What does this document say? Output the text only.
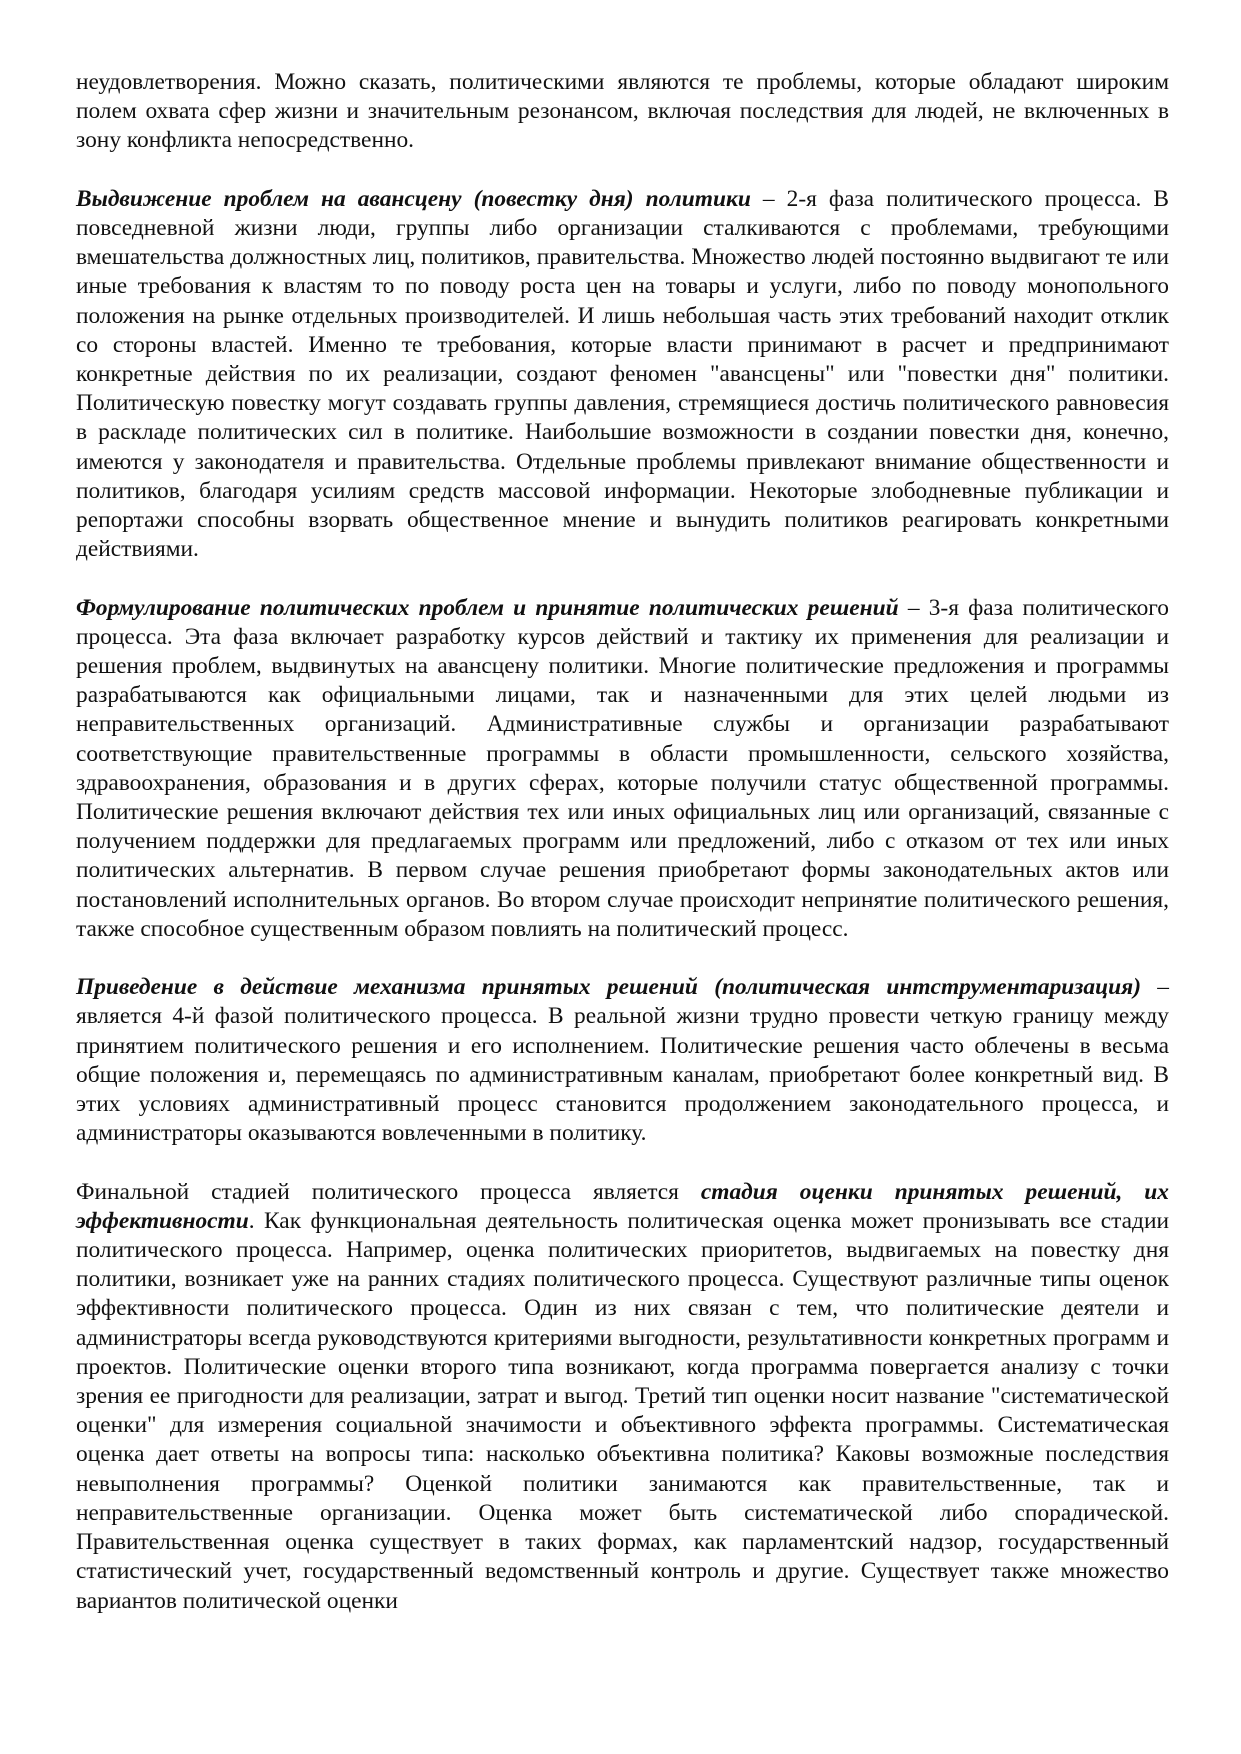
неудовлетворения. Можно сказать, политическими являются те проблемы, которые обладают широким полем охвата сфер жизни и значительным резонансом, включая последствия для людей, не включенных в зону конфликта непосредственно.

Выдвижение проблем на авансцену (повестку дня) политики – 2-я фаза политического процесса. В повседневной жизни люди, группы либо организации сталкиваются с проблемами, требующими вмешательства должностных лиц, политиков, правительства. Множество людей постоянно выдвигают те или иные требования к властям то по поводу роста цен на товары и услуги, либо по поводу монопольного положения на рынке отдельных производителей. И лишь небольшая часть этих требований находит отклик со стороны властей. Именно те требования, которые власти принимают в расчет и предпринимают конкретные действия по их реализации, создают феномен "авансцены" или "повестки дня" политики. Политическую повестку могут создавать группы давления, стремящиеся достичь политического равновесия в раскладе политических сил в политике. Наибольшие возможности в создании повестки дня, конечно, имеются у законодателя и правительства. Отдельные проблемы привлекают внимание общественности и политиков, благодаря усилиям средств массовой информации. Некоторые злободневные публикации и репортажи способны взорвать общественное мнение и вынудить политиков реагировать конкретными действиями.

Формулирование политических проблем и принятие политических решений – 3-я фаза политического процесса. Эта фаза включает разработку курсов действий и тактику их применения для реализации и решения проблем, выдвинутых на авансцену политики. Многие политические предложения и программы разрабатываются как официальными лицами, так и назначенными для этих целей людьми из неправительственных организаций. Административные службы и организации разрабатывают соответствующие правительственные программы в области промышленности, сельского хозяйства, здравоохранения, образования и в других сферах, которые получили статус общественной программы. Политические решения включают действия тех или иных официальных лиц или организаций, связанные с получением поддержки для предлагаемых программ или предложений, либо с отказом от тех или иных политических альтернатив. В первом случае решения приобретают формы законодательных актов или постановлений исполнительных органов. Во втором случае происходит непринятие политического решения, также способное существенным образом повлиять на политический процесс.

Приведение в действие механизма принятых решений (политическая интструментаризация) – является 4-й фазой политического процесса. В реальной жизни трудно провести четкую границу между принятием политического решения и его исполнением. Политические решения часто облечены в весьма общие положения и, перемещаясь по административным каналам, приобретают более конкретный вид. В этих условиях административный процесс становится продолжением законодательного процесса, и администраторы оказываются вовлеченными в политику.

Финальной стадией политического процесса является стадия оценки принятых решений, их эффективности. Как функциональная деятельность политическая оценка может пронизывать все стадии политического процесса. Например, оценка политических приоритетов, выдвигаемых на повестку дня политики, возникает уже на ранних стадиях политического процесса. Существуют различные типы оценок эффективности политического процесса. Один из них связан с тем, что политические деятели и администраторы всегда руководствуются критериями выгодности, результативности конкретных программ и проектов. Политические оценки второго типа возникают, когда программа повергается анализу с точки зрения ее пригодности для реализации, затрат и выгод. Третий тип оценки носит название "систематической оценки" для измерения социальной значимости и объективного эффекта программы. Систематическая оценка дает ответы на вопросы типа: насколько объективна политика? Каковы возможные последствия невыполнения программы? Оценкой политики занимаются как правительственные, так и неправительственные организации. Оценка может быть систематической либо спорадической. Правительственная оценка существует в таких формах, как парламентский надзор, государственный статистический учет, государственный ведомственный контроль и другие. Существует также множество вариантов политической оценки
